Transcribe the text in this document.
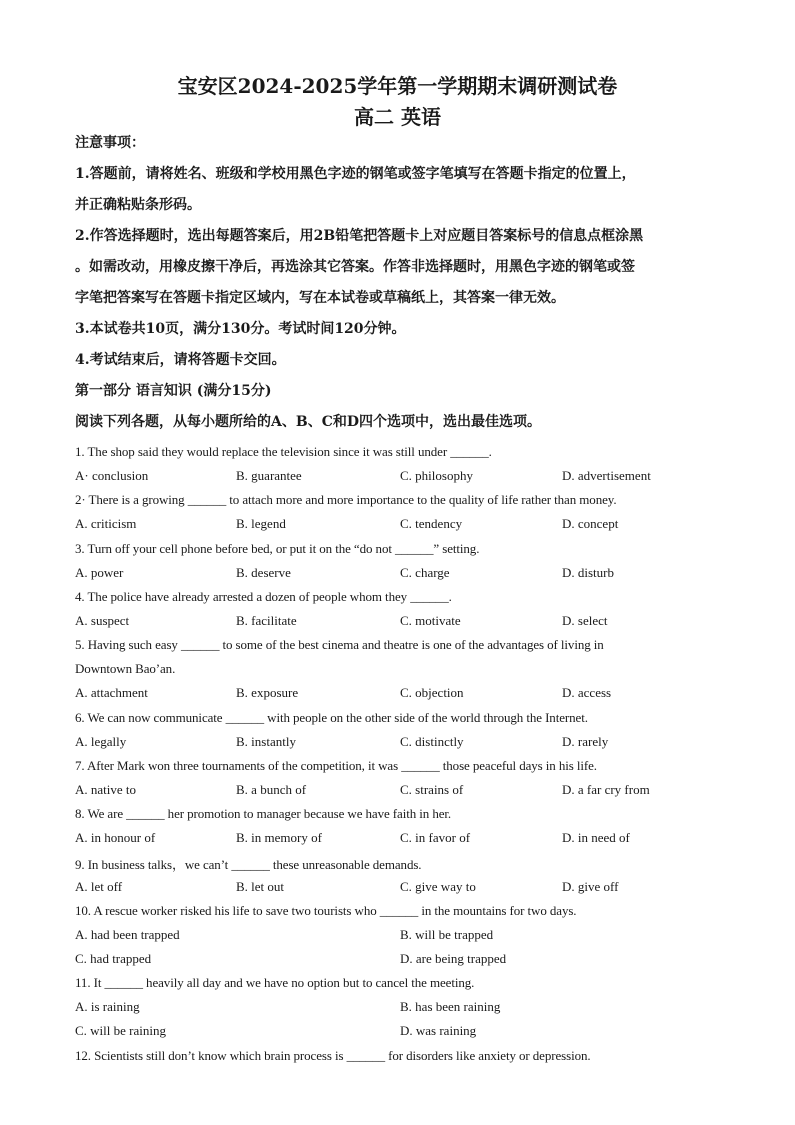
宝安区2024-2025学年第一学期期末调研测试卷
高二 英语
注意事项：
1.答题前，请将姓名、班级和学校用黑色字迹的钢笔或签字笔填写在答题卡指定的位置上，
并正确粘贴条形码。
2.作答选择题时，选出每题答案后，用2B铅笔把答题卡上对应题目答案标号的信息点框涂黑
。如需改动，用橡皮擦干净后，再选涂其它答案。作答非选择题时，用黑色字迹的钢笔或签
字笔把答案写在答题卡指定区域内，写在本试卷或草稿纸上，其答案一律无效。
3.本试卷共10页，满分130分。考试时间120分钟。
4.考试结束后，请将答题卡交回。
第一部分 语言知识 (满分15分)
阅读下列各题，从每小题所给的A、B、C和D四个选项中，选出最佳选项。
1. The shop said they would replace the television since it was still under ______.
A· conclusion	B. guarantee	C. philosophy	D. advertisement
2· There is a growing ______ to attach more and more importance to the quality of life rather than money.
A. criticism	B. legend	C. tendency	D. concept
3. Turn off your cell phone before bed, or put it on the “do not ______” setting.
A. power	B. deserve	C. charge	D. disturb
4. The police have already arrested a dozen of people whom they ______.
A. suspect	B. facilitate	C. motivate	D. select
5. Having such easy ______ to some of the best cinema and theatre is one of the advantages of living in
Downtown Bao’an.
A. attachment	B. exposure	C. objection	D. access
6. We can now communicate ______ with people on the other side of the world through the Internet.
A. legally	B. instantly	C. distinctly	D. rarely
7. After Mark won three tournaments of the competition, it was ______ those peaceful days in his life.
A. native to	B. a bunch of	C. strains of	D. a far cry from
8. We are ______ her promotion to manager because we have faith in her.
A. in honour of	B. in memory of	C. in favor of	D. in need of
9. In business talks，we can’t ______ these unreasonable demands.
A. let off	B. let out	C. give way to	D. give off
10. A rescue worker risked his life to save two tourists who ______ in the mountains for two days.
A. had been trapped	B. will be trapped
C. had trapped	D. are being trapped
11. It ______ heavily all day and we have no option but to cancel the meeting.
A. is raining	B. has been raining
C. will be raining	D. was raining
12. Scientists still don’t know which brain process is ______ for disorders like anxiety or depression.
